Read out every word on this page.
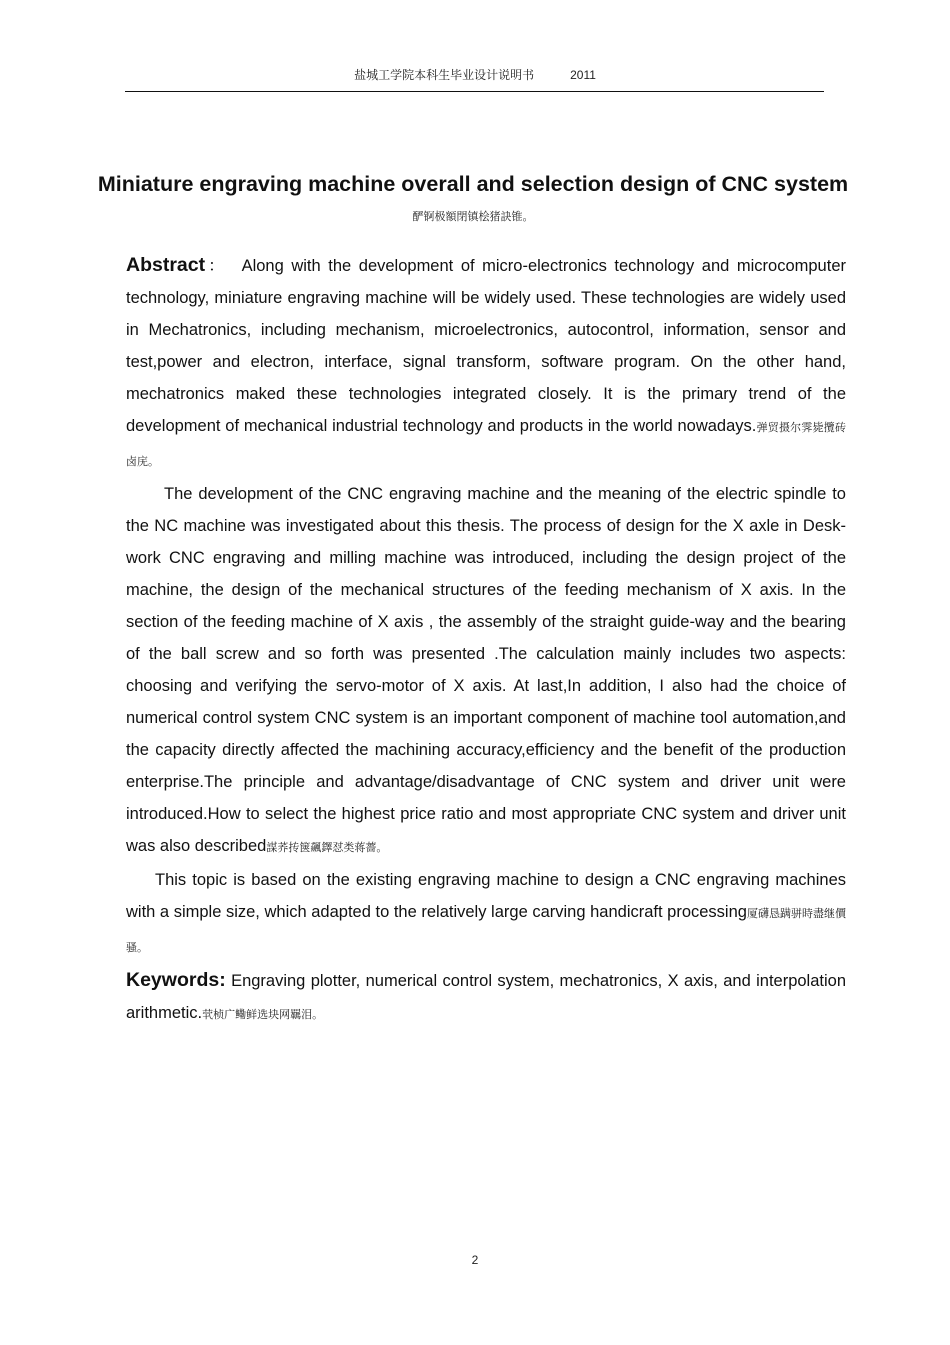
盐城工学院本科生毕业设计说明书	2011
Miniature engraving machine overall and selection design of CNC system 酽锕极額閉镇桧猪訣锥。

Abstract： Along with the development of micro-electronics technology and microcomputer technology, miniature engraving machine will be widely used. These technologies are widely used in Mechatronics, including mechanism, microelectronics, autocontrol, information, sensor and test,power and electron, interface, signal transform, software program. On the other hand, mechatronics maked these technologies integrated closely. It is the primary trend of the development of mechanical industrial technology and products in the world nowadays.弹贸摄尔霁毙攬砖卤庑。

The development of the CNC engraving machine and the meaning of the electric spindle to the NC machine was investigated about this thesis. The process of design for the X axle in Desk-work CNC engraving and milling machine was introduced, including the design project of the machine, the design of the mechanical structures of the feeding mechanism of X axis. In the section of the feeding machine of X axis , the assembly of the straight guide-way and the bearing of the ball screw and so forth was presented .The calculation mainly includes two aspects: choosing and verifying the servo-motor of X axis. At last,In addition, I also had the choice of numerical control system CNC system is an important component of machine tool automation,and the capacity directly affected the machining accuracy,efficiency and the benefit of the production enterprise.The principle and advantage/disadvantage of CNC system and driver unit were introduced.How to select the highest price ratio and most appropriate CNC system and driver unit was also described謀荞抟箧飆鐸怼类蒋薔。

This topic is based on the existing engraving machine to design a CNC engraving machines with a simple size, which adapted to the relatively large carving handicraft processing厦礴恳蹒骈時盡继價骚。

Keywords: Engraving plotter, numerical control system, mechatronics, X axis, and interpolation arithmetic.茕桢广鳓鲜选块网羈泪。

2
